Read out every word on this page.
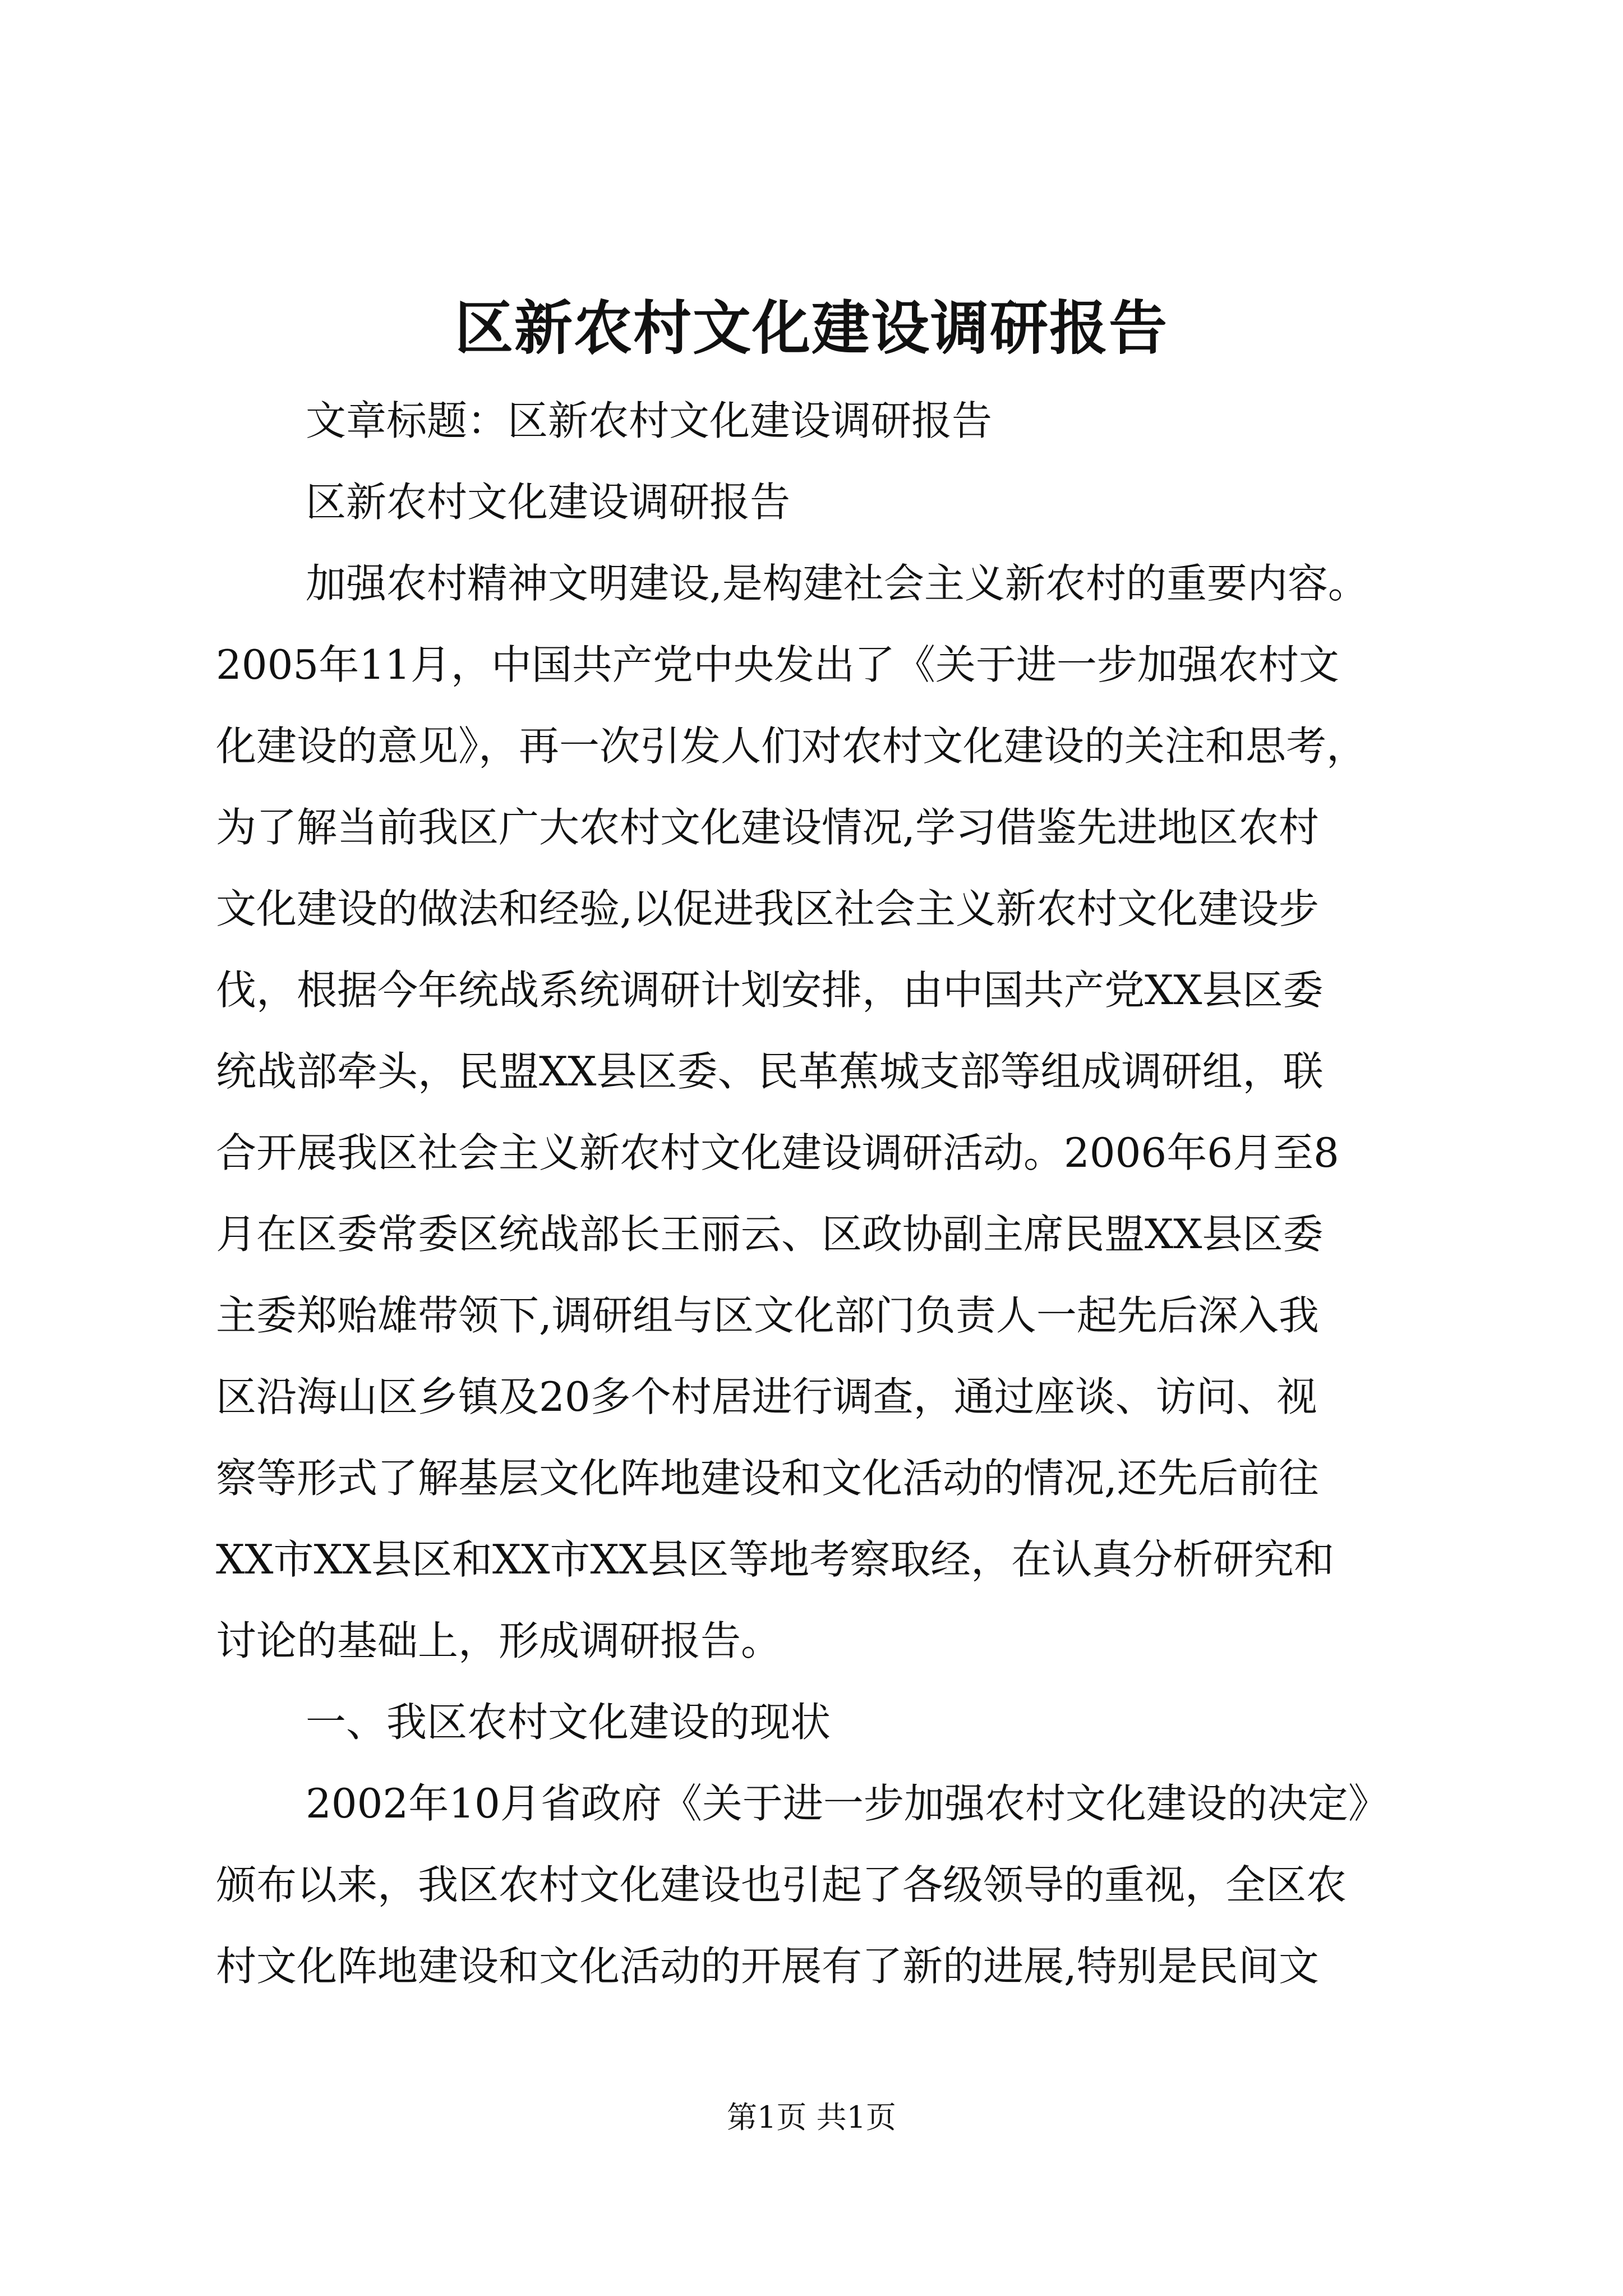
区新农村文化建设调研报告
文章标题：区新农村文化建设调研报告
区新农村文化建设调研报告
加强农村精神文明建设,是构建社会主义新农村的重要内容。
2005年11月，中国共产党中央发出了《关于进一步加强农村文
化建设的意见》，再一次引发人们对农村文化建设的关注和思考，
为了解当前我区广大农村文化建设情况,学习借鉴先进地区农村
文化建设的做法和经验,以促进我区社会主义新农村文化建设步
伐，根据今年统战系统调研计划安排，由中国共产党XX县区委
统战部牵头，民盟XX县区委、民革蕉城支部等组成调研组，联
合开展我区社会主义新农村文化建设调研活动。2006年6月至8
月在区委常委区统战部长王丽云、区政协副主席民盟XX县区委
主委郑贻雄带领下,调研组与区文化部门负责人一起先后深入我
区沿海山区乡镇及20多个村居进行调查，通过座谈、访问、视
察等形式了解基层文化阵地建设和文化活动的情况,还先后前往
XX市XX县区和XX市XX县区等地考察取经，在认真分析研究和
讨论的基础上，形成调研报告。
一、我区农村文化建设的现状
2002年10月省政府《关于进一步加强农村文化建设的决定》
颁布以来，我区农村文化建设也引起了各级领导的重视，全区农
村文化阵地建设和文化活动的开展有了新的进展,特别是民间文
第1页 共1页
